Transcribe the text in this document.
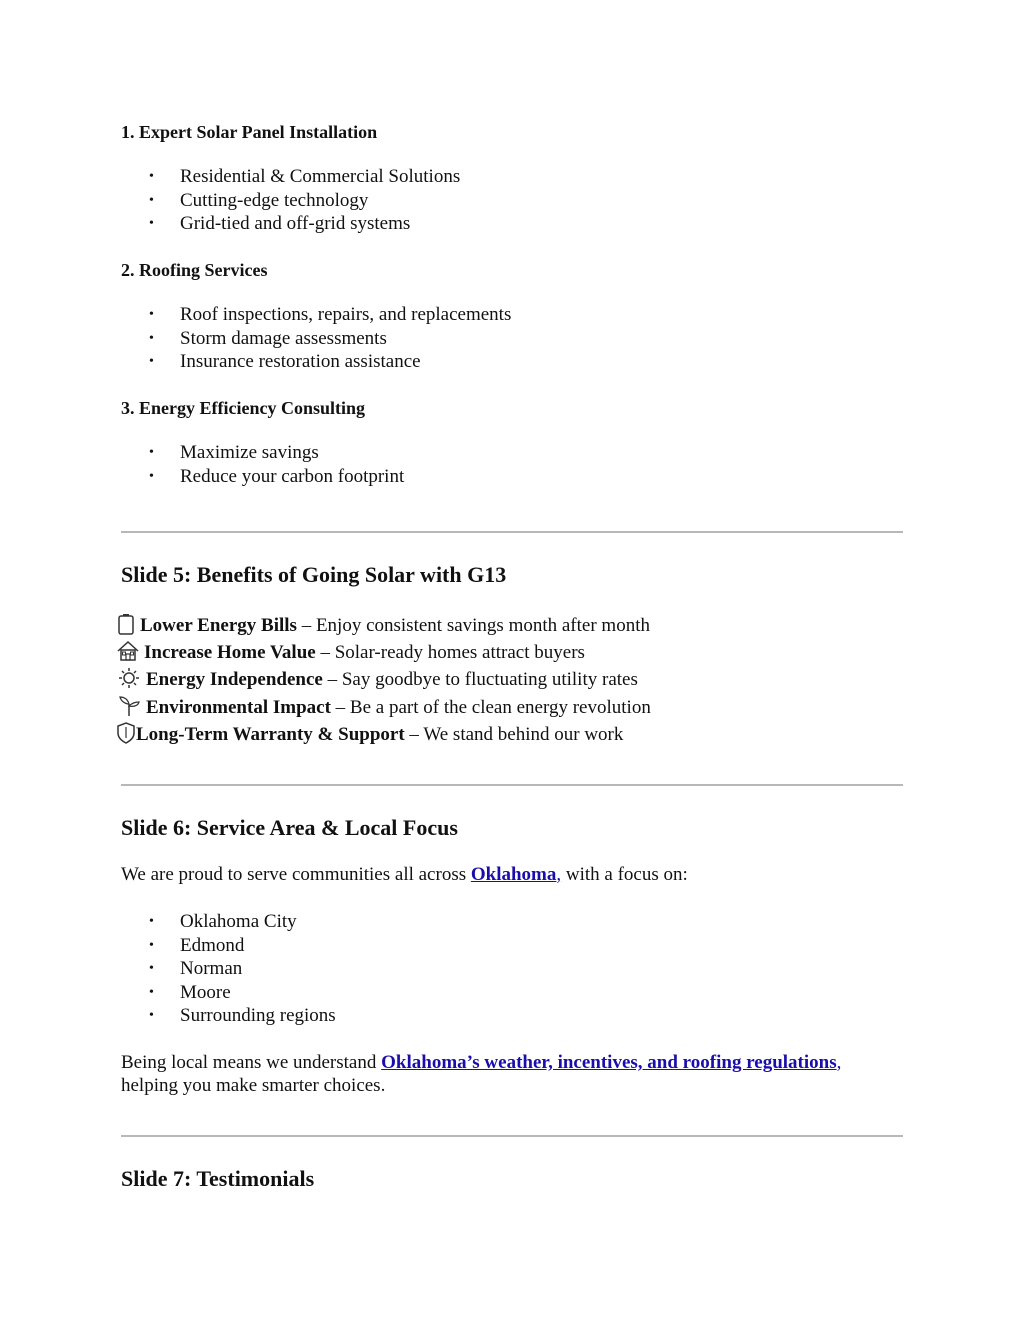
1. Expert Solar Panel Installation
• Residential & Commercial Solutions
• Cutting-edge technology
• Grid-tied and off-grid systems
2. Roofing Services
• Roof inspections, repairs, and replacements
• Storm damage assessments
• Insurance restoration assistance
3. Energy Efficiency Consulting
• Maximize savings
• Reduce your carbon footprint
Slide 5: Benefits of Going Solar with G13
Lower Energy Bills – Enjoy consistent savings month after month
Increase Home Value – Solar-ready homes attract buyers
Energy Independence – Say goodbye to fluctuating utility rates
Environmental Impact – Be a part of the clean energy revolution
Long-Term Warranty & Support – We stand behind our work
Slide 6: Service Area & Local Focus
We are proud to serve communities all across Oklahoma, with a focus on:
• Oklahoma City
• Edmond
• Norman
• Moore
• Surrounding regions
Being local means we understand Oklahoma’s weather, incentives, and roofing regulations,
helping you make smarter choices.
Slide 7: Testimonials
